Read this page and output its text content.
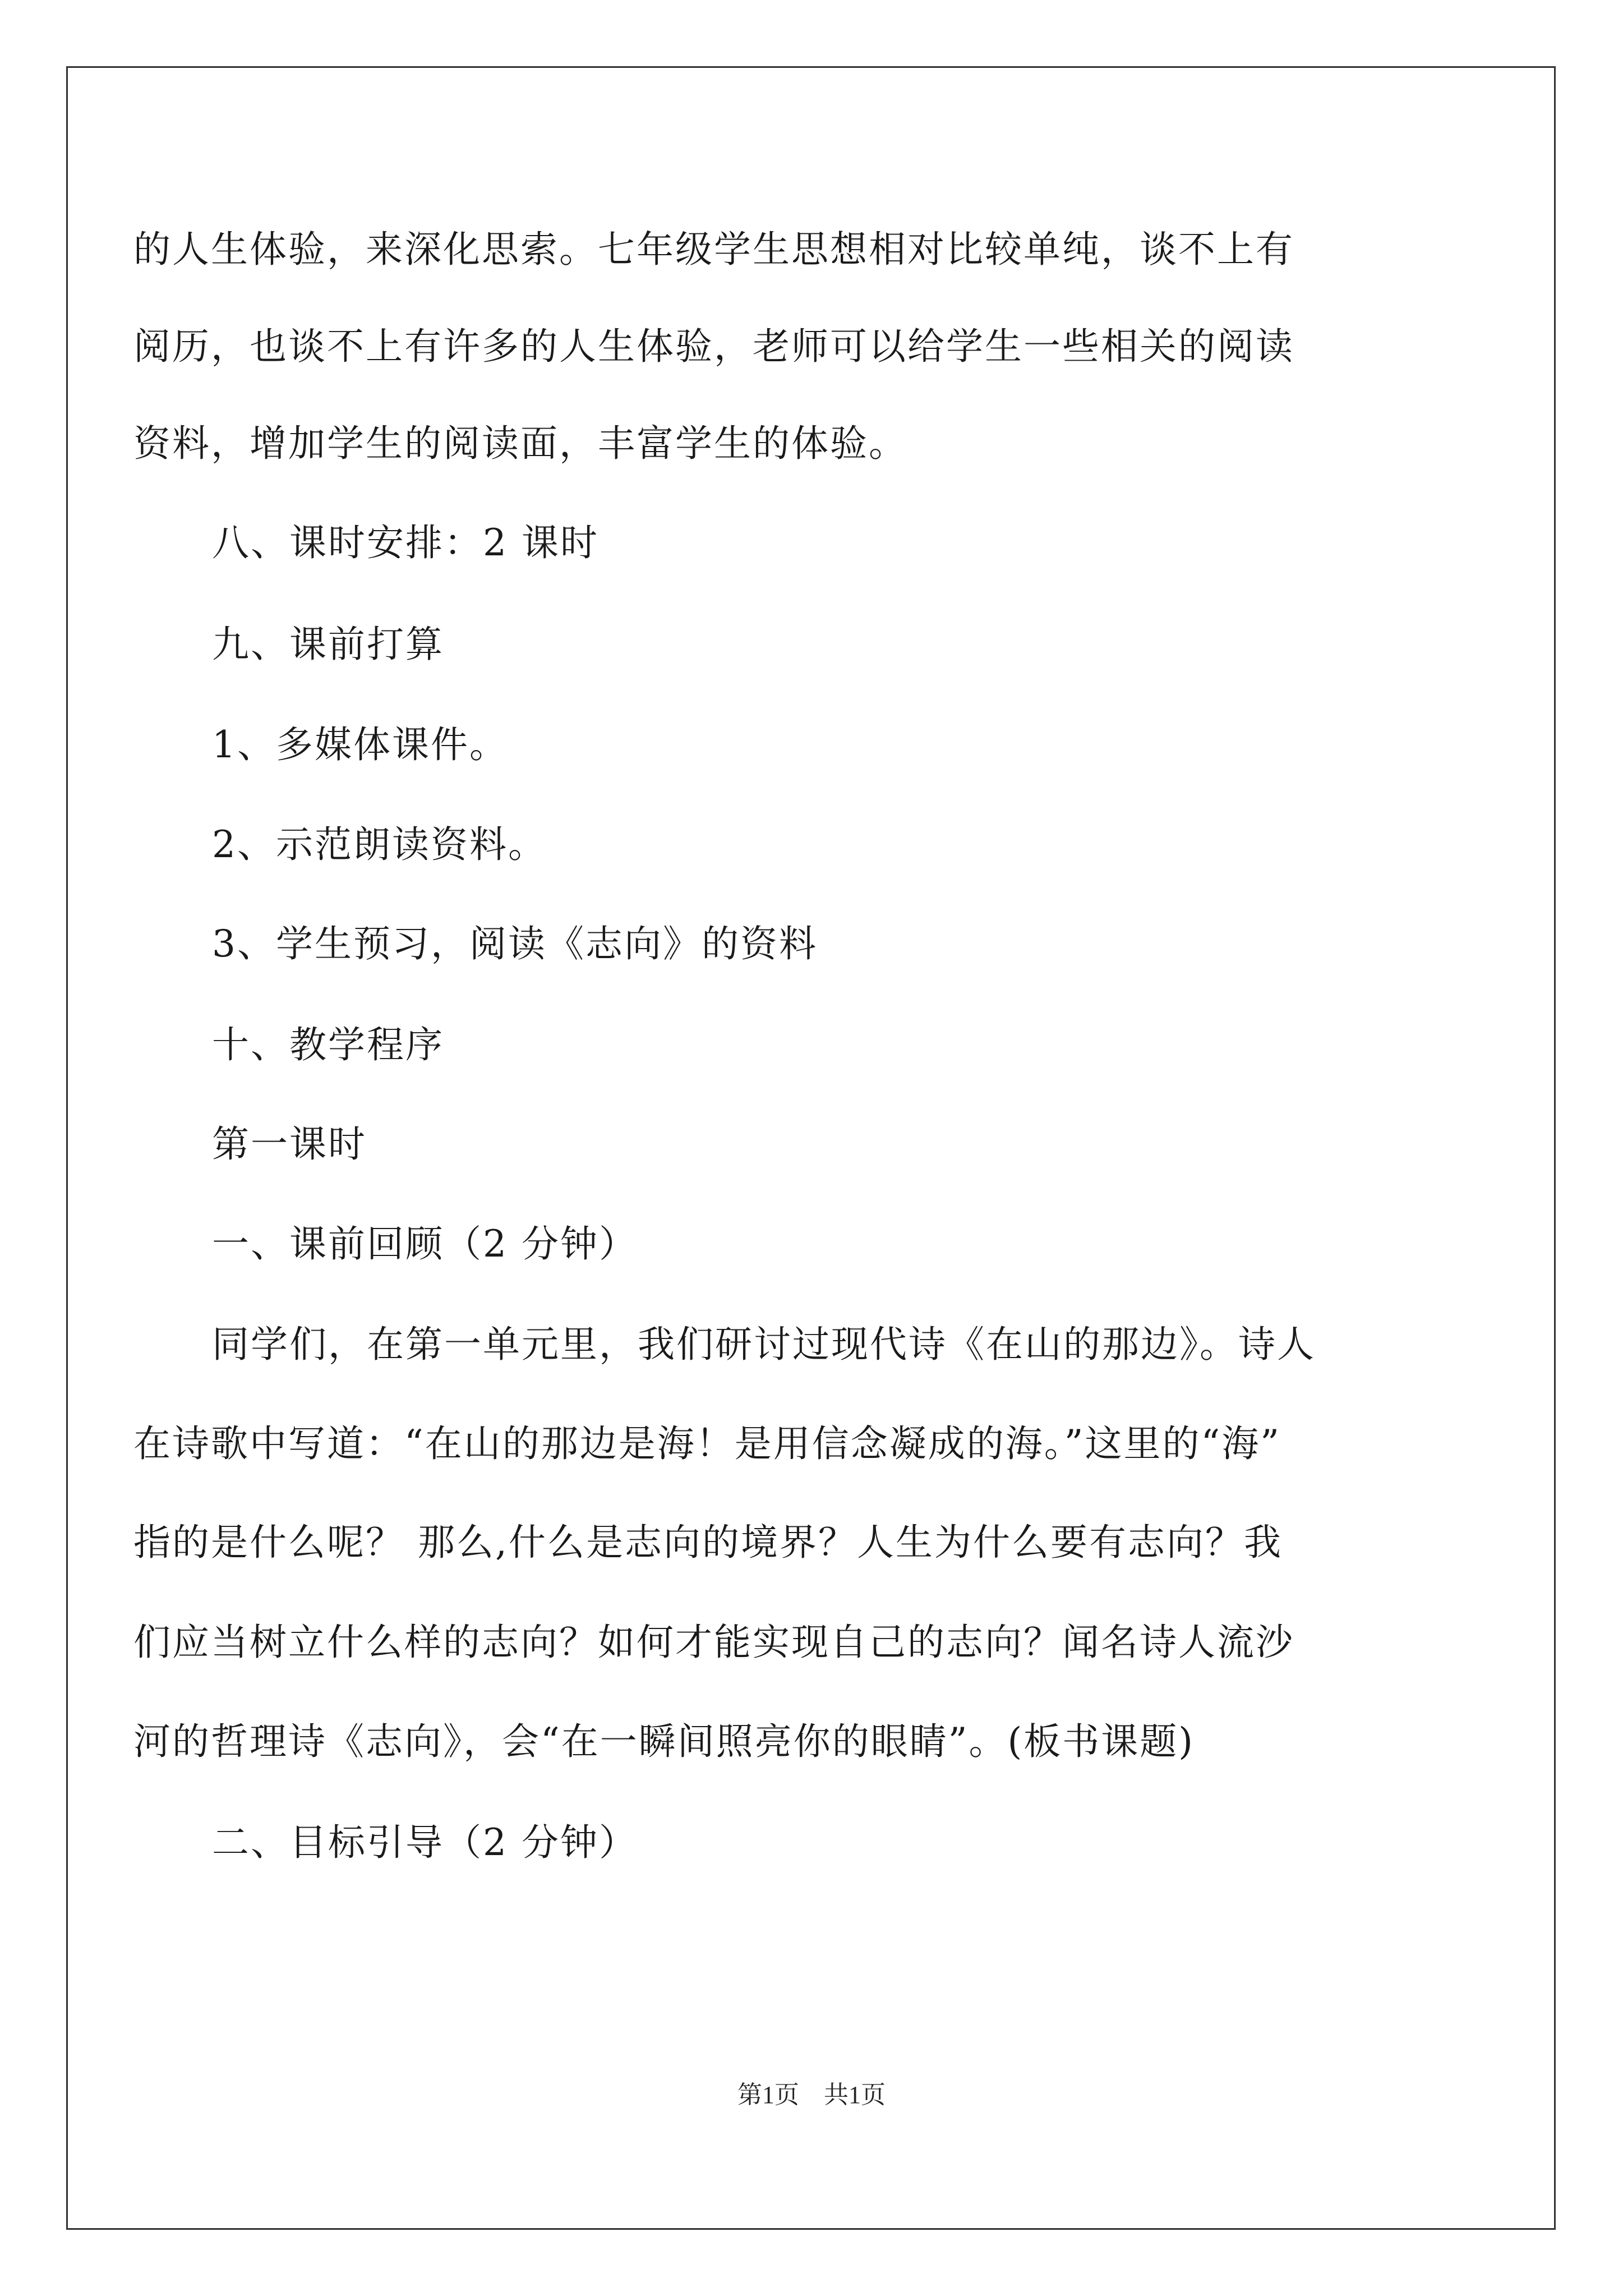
的人生体验，来深化思索。七年级学生思想相对比较单纯，谈不上有
阅历，也谈不上有许多的人生体验，老师可以给学生一些相关的阅读
资料，增加学生的阅读面，丰富学生的体验。
八、课时安排：2 课时
九、课前打算
1、多媒体课件。
2、示范朗读资料。
3、学生预习，阅读《志向》的资料
十、教学程序
第一课时
一、课前回顾（2 分钟）
同学们，在第一单元里，我们研讨过现代诗《在山的那边》。诗人
在诗歌中写道：“在山的那边是海！是用信念凝成的海。”这里的“海”
指的是什么呢？ 那么,什么是志向的境界？人生为什么要有志向？我
们应当树立什么样的志向？如何才能实现自己的志向？闻名诗人流沙
河的哲理诗《志向》，会“在一瞬间照亮你的眼睛”。(板书课题)
二、目标引导（2 分钟）
第1页　共1页
